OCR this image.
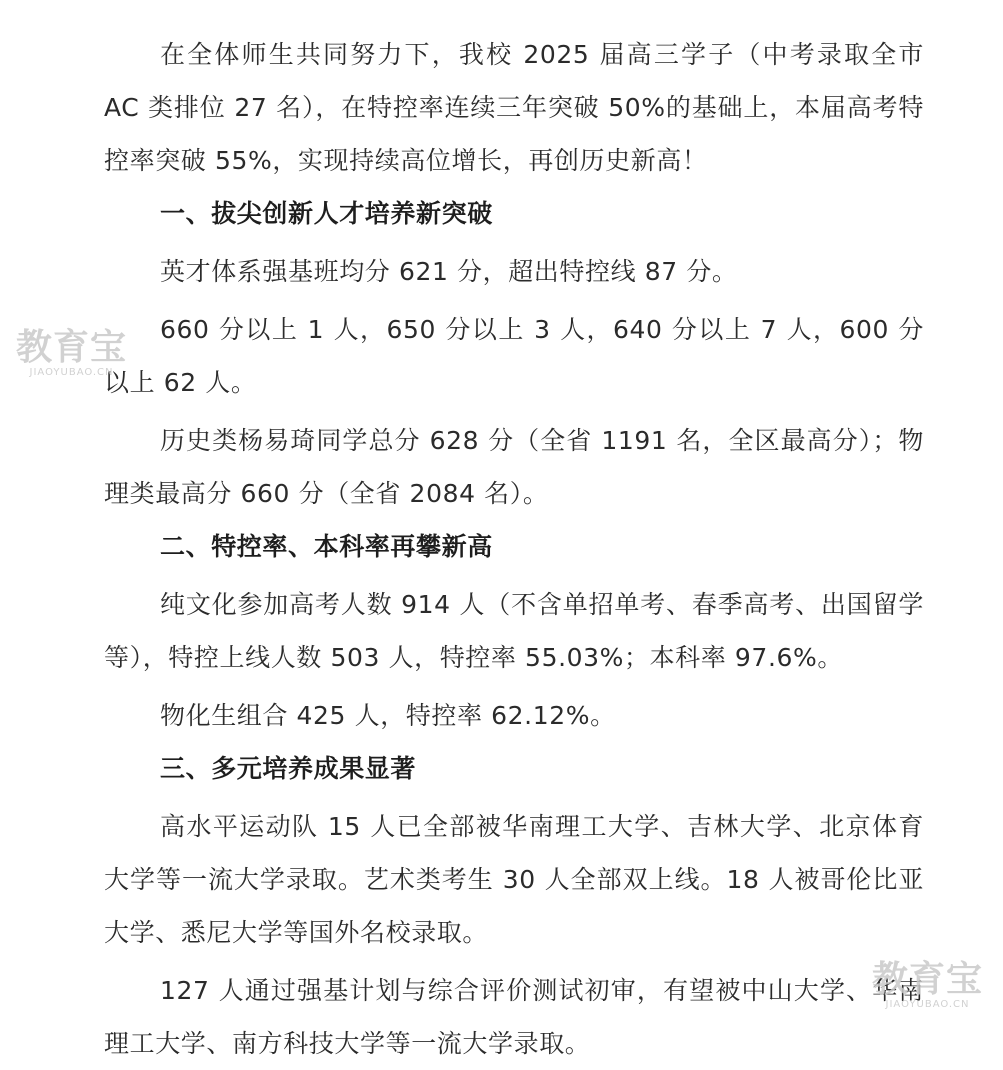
在全体师生共同努力下，我校 2025 届高三学子（中考录取全市 AC 类排位 27 名），在特控率连续三年突破 50%的基础上，本届高考特控率突破 55%，实现持续高位增长，再创历史新高！

一、拔尖创新人才培养新突破

英才体系强基班均分 621 分，超出特控线 87 分。

660 分以上 1 人，650 分以上 3 人，640 分以上 7 人，600 分以上 62 人。

历史类杨易琦同学总分 628 分（全省 1191 名，全区最高分）；物理类最高分 660 分（全省 2084 名）。

二、特控率、本科率再攀新高

纯文化参加高考人数 914 人（不含单招单考、春季高考、出国留学等），特控上线人数 503 人，特控率 55.03%；本科率 97.6%。

物化生组合 425 人，特控率 62.12%。

三、多元培养成果显著

高水平运动队 15 人已全部被华南理工大学、吉林大学、北京体育大学等一流大学录取。艺术类考生 30 人全部双上线。18 人被哥伦比亚大学、悉尼大学等国外名校录取。

127 人通过强基计划与综合评价测试初审，有望被中山大学、华南理工大学、南方科技大学等一流大学录取。

教育宝
JIAOYUBAO.CN
教育宝
JIAOYUBAO.CN
